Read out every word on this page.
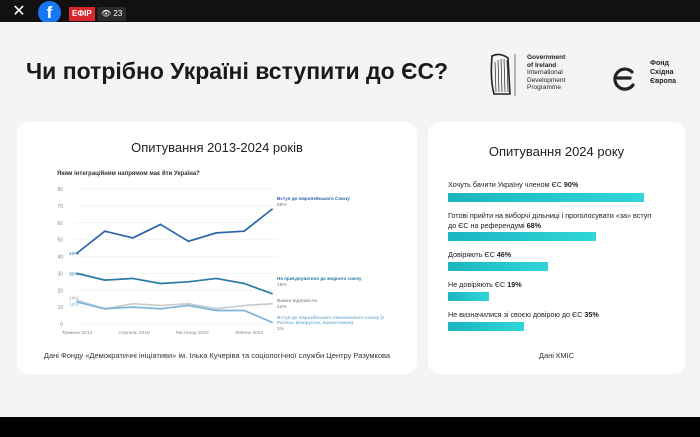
✕	f	ЕФІР	👁 23
Чи потрібно Україні вступити до ЄС?
Government
of Ireland
International
Development
Programme
Фонд
Східна
Європа
Опитування 2013-2024 років
Яким інтеграційним напрямом має йти Україна?
0
10
20
30
40
50
60
70
80
Травень 2013	Серпень 2018	Листопад 2020	Липень 2022
42%
Вступ до Європейського Союзу
68%
30%
Не приєднуватися до жодного союзу
18%
14%	Важко відповісти
12%
13%
Вступ до Євразійського економічного союзу (з Росією, Білоруссю, Казахстаном)
1%
Дані Фонду «Демократичні ініціативи» ім. Ілька Кучеріва та соціологічної служби Центру Разумкова
Опитування 2024 року
Хочуть бачити Україну членом ЄС 90%
Готові прийти на виборчі дільниці і проголосувати «за» вступ до ЄС на референдумі 68%
Довіряють ЄС 46%
Не довіряють ЄС 19%
Не визначилися зі своєю довірою до ЄС 35%
Дані КМІС
